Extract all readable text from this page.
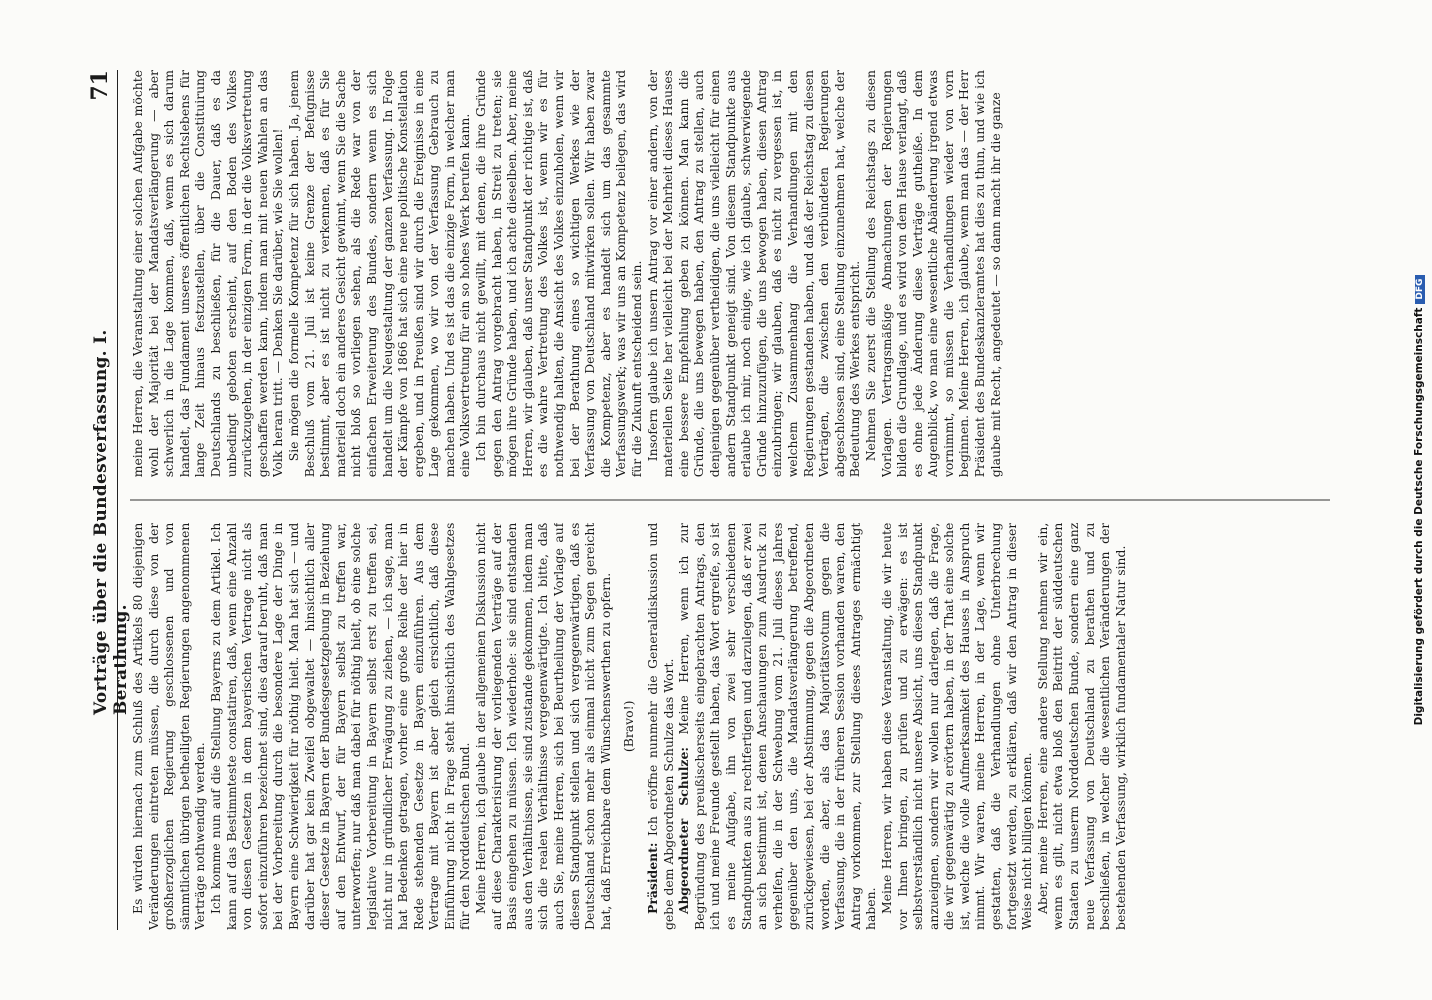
Vorträge über die Bundesverfassung. I. Berathung.
71

Es würden hiernach zum Schluß des Artikels 80 diejenigen Veränderungen eintreten müssen, die durch diese von der großherzoglichen Regierung geschlossenen und von sämmtlichen übrigen betheiligten Regierungen angenommenen Verträge nothwendig werden. Ich komme nun auf die Stellung Bayerns zu dem Artikel. Ich kann auf das Bestimmteste constatiren, daß, wenn eine Anzahl von diesen Gesetzen in dem bayerischen Vertrage nicht als sofort einzuführen bezeichnet sind, dies darauf beruht, daß man bei der Vorbereitung durch die besondere Lage der Dinge in Bayern eine Schwierigkeit für nöthig hielt. Man hat sich — und darüber hat gar kein Zweifel obgewaltet — hinsichtlich aller dieser Gesetze in Bayern der Bundesgesetzgebung in Beziehung auf den Entwurf, der für Bayern selbst zu treffen war, unterworfen; nur daß man dabei für nöthig hielt, ob eine solche legislative Vorbereitung in Bayern selbst erst zu treffen sei, nicht nur in gründlicher Erwägung zu ziehen, — ich sage, man hat Bedenken getragen, vorher eine große Reihe der hier in Rede stehenden Gesetze in Bayern einzuführen. Aus dem Vertrage mit Bayern ist aber gleich ersichtlich, daß diese Einführung nicht in Frage steht hinsichtlich des Wahlgesetzes für den Norddeutschen Bund. Meine Herren, ich glaube in der allgemeinen Diskussion nicht auf diese Charakterisirung der vorliegenden Verträge auf der Basis eingehen zu müssen. Ich wiederhole: sie sind entstanden aus den Verhältnissen, sie sind zustande gekommen, indem man sich die realen Verhältnisse vergegenwärtigte. Ich bitte, daß auch Sie, meine Herren, sich bei Beurtheilung der Vorlage auf diesen Standpunkt stellen und sich vergegenwärtigen, daß es Deutschland schon mehr als einmal nicht zum Segen gereicht hat, daß Erreichbare dem Wünschenswerthen zu opfern. (Bravo!)

Präsident: Ich eröffne nunmehr die Generaldiskussion und gebe dem Abgeordneten Schulze das Wort. Abgeordneter Schulze: Meine Herren, wenn ich zur Begründung des preußischerseits eingebrachten Antrags, den ich und meine Freunde gestellt haben, das Wort ergreife, so ist es meine Aufgabe, ihn von zwei sehr verschiedenen Standpunkten aus zu rechtfertigen und darzulegen, daß er zwei an sich bestimmt ist, denen Anschauungen zum Ausdruck zu verhelfen, die in der Schwebung vom 21. Juli dieses Jahres gegenüber den uns, die Mandatsverlängerung betreffend, zurückgewiesen, bei der Abstimmung, gegen die Abgeordneten worden, die aber, als das Majoritätsvotum gegen die Verfassung, die in der früheren Session vorhanden waren, den Antrag vorkommen, zur Stellung dieses Antrages ermächtigt haben. Meine Herren, wir haben diese Veranstaltung, die wir heute vor Ihnen bringen, zu prüfen und zu erwägen: es ist selbstverständlich nicht unsere Absicht, uns diesen Standpunkt anzueignen, sondern wir wollen nur darlegen, daß die Frage, die wir gegenwärtig zu erörtern haben, in der That eine solche ist, welche die volle Aufmerksamkeit des Hauses in Anspruch nimmt. Wir waren, meine Herren, in der Lage, wenn wir gestatten, daß die Verhandlungen ohne Unterbrechung fortgesetzt werden, zu erklären, daß wir den Antrag in dieser Weise nicht billigen können. Aber, meine Herren, eine andere Stellung nehmen wir ein, wenn es gilt, nicht etwa bloß den Beitritt der süddeutschen Staaten zu unserm Norddeutschen Bunde, sondern eine ganz neue Verfassung von Deutschland zu berathen und zu beschließen, in welcher die wesentlichen Veränderungen der bestehenden Verfassung, wirklich fundamentaler Natur sind.

meine Herren, die Veranstaltung einer solchen Aufgabe möchte wohl der Majorität bei der Mandatsverlängerung — aber schwerlich in die Lage kommen, daß, wenn es sich darum handelt, das Fundament unseres öffentlichen Rechtslebens für lange Zeit hinaus festzustellen, über die Constituirung Deutschlands zu beschließen, für die Dauer, daß es da unbedingt geboten erscheint, auf den Boden des Volkes zurückzugehen, in der einzigen Form, in der die Volksvertretung geschaffen werden kann, indem man mit neuen Wahlen an das Volk heran tritt. — Denken Sie darüber, wie Sie wollen! Sie mögen die formelle Kompetenz für sich haben. Ja, jenem Beschluß vom 21. Juli ist keine Grenze der Befugnisse bestimmt, aber es ist nicht zu verkennen, daß es für Sie materiell doch ein anderes Gesicht gewinnt, wenn Sie die Sache nicht bloß so vorliegen sehen, als die Rede war von der einfachen Erweiterung des Bundes, sondern wenn es sich handelt um die Neugestaltung der ganzen Verfassung. In Folge der Kämpfe von 1866 hat sich eine neue politische Konstellation ergeben, und in Preußen sind wir durch die Ereignisse in eine Lage gekommen, wo wir von der Verfassung Gebrauch zu machen haben. Und es ist das die einzige Form, in welcher man eine Volksvertretung für ein so hohes Werk berufen kann. Ich bin durchaus nicht gewillt, mit denen, die ihre Gründe gegen den Antrag vorgebracht haben, in Streit zu treten; sie mögen ihre Gründe haben, und ich achte dieselben. Aber, meine Herren, wir glauben, daß unser Standpunkt der richtige ist, daß es die wahre Vertretung des Volkes ist, wenn wir es für nothwendig halten, die Ansicht des Volkes einzuholen, wenn wir bei der Berathung eines so wichtigen Werkes wie der Verfassung von Deutschland mitwirken sollen. Wir haben zwar die Kompetenz, aber es handelt sich um das gesammte Verfassungswerk; was wir uns an Kompetenz beilegen, das wird für die Zukunft entscheidend sein. Insofern glaube ich unsern Antrag vor einer andern, von der materiellen Seite her vielleicht bei der Mehrheit dieses Hauses eine bessere Empfehlung geben zu können. Man kann die Gründe, die uns bewegen haben, den Antrag zu stellen, auch denjenigen gegenüber vertheidigen, die uns vielleicht für einen andern Standpunkt geneigt sind. Von diesem Standpunkte aus erlaube ich mir, noch einige, wie ich glaube, schwerwiegende Gründe hinzuzufügen, die uns bewogen haben, diesen Antrag einzubringen; wir glauben, daß es nicht zu vergessen ist, in welchem Zusammenhang die Verhandlungen mit den Regierungen gestanden haben, und daß der Reichstag zu diesen Verträgen, die zwischen den verbündeten Regierungen abgeschlossen sind, eine Stellung einzunehmen hat, welche der Bedeutung des Werkes entspricht. Nehmen Sie zuerst die Stellung des Reichstags zu diesen Vorlagen. Vertragsmäßige Abmachungen der Regierungen bilden die Grundlage, und es wird von dem Hause verlangt, daß es ohne jede Änderung diese Verträge gutheiße. In dem Augenblick, wo man eine wesentliche Abänderung irgend etwas vornimmt, so müssen die Verhandlungen wieder von vorn beginnen. Meine Herren, ich glaube, wenn man das — der Herr Präsident des Bundeskanzleramtes hat dies zu thun, und wie ich glaube mit Recht, angedeutet — so dann macht ihr die ganze

Digitalisierung gefördert durch die Deutsche ForschungsgemeinschaftDFG
